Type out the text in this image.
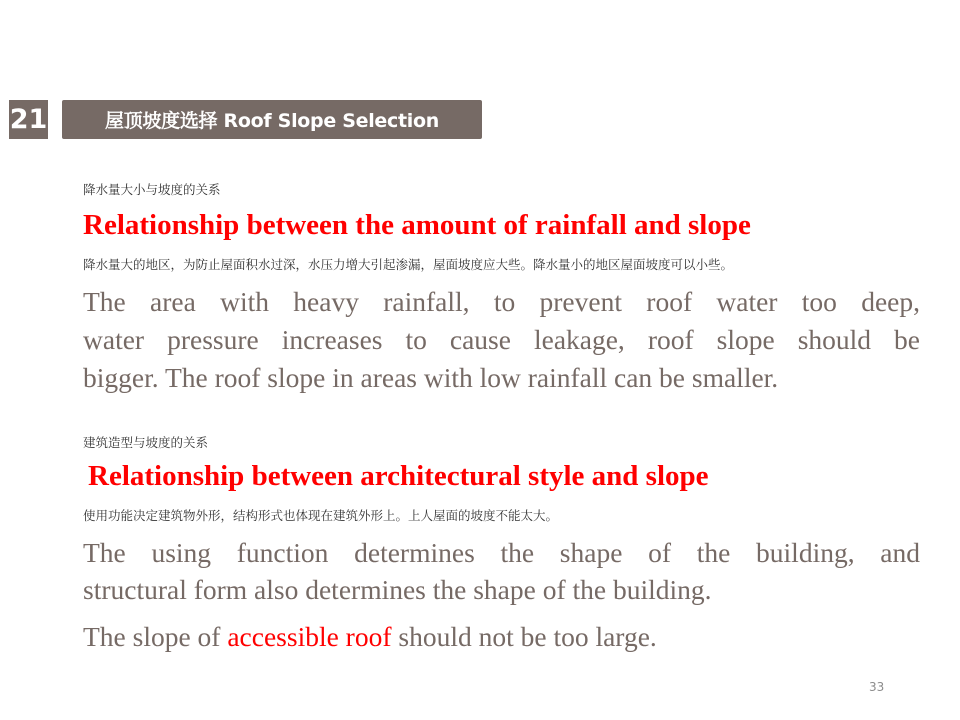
21	屋顶坡度选择 Roof Slope Selection
降水量大小与坡度的关系
Relationship between the amount of rainfall and slope
降水量大的地区，为防止屋面积水过深，水压力增大引起渗漏，屋面坡度应大些。降水量小的地区屋面坡度可以小些。
The area with heavy rainfall, to prevent roof water too deep,
water pressure increases to cause leakage, roof slope should be
bigger. The roof slope in areas with low rainfall can be smaller.
建筑造型与坡度的关系
Relationship between architectural style and slope
使用功能决定建筑物外形，结构形式也体现在建筑外形上。上人屋面的坡度不能太大。
The using function determines the shape of the building, and
structural form also determines the shape of the building.
The slope of accessible roof should not be too large.
33
